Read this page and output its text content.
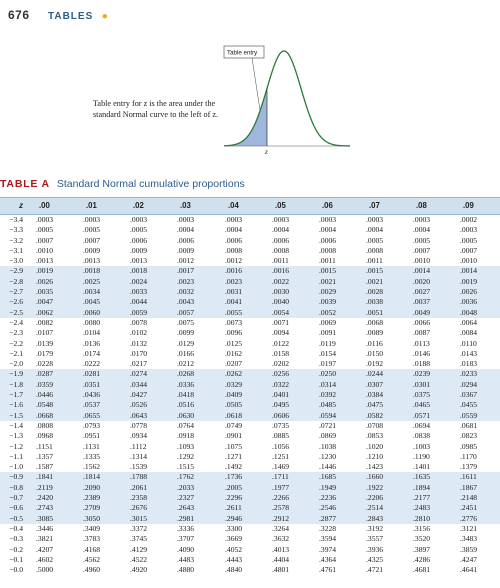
676 TABLES ●
Table entry for z is the area under the standard Normal curve to the left of z.
Table entry
z
TABLE A Standard Normal cumulative proportions
z .00	.01	.02	.03	.04	.05	.06	.07	.08	.09
−3.4 .0003	.0003	.0003	.0003	.0003	.0003	.0003	.0003	.0003	.0002
−3.3 .0005	.0005	.0005	.0004	.0004	.0004	.0004	.0004	.0004	.0003
−3.2 .0007	.0007	.0006	.0006	.0006	.0006	.0006	.0005	.0005	.0005
−3.1 .0010	.0009	.0009	.0009	.0008	.0008	.0008	.0008	.0007	.0007
−3.0 .0013	.0013	.0013	.0012	.0012	.0011	.0011	.0011	.0010	.0010
−2.9 .0019	.0018	.0018	.0017	.0016	.0016	.0015	.0015	.0014	.0014
−2.8 .0026	.0025	.0024	.0023	.0023	.0022	.0021	.0021	.0020	.0019
−2.7 .0035	.0034	.0033	.0032	.0031	.0030	.0029	.0028	.0027	.0026
−2.6 .0047	.0045	.0044	.0043	.0041	.0040	.0039	.0038	.0037	.0036
−2.5 .0062	.0060	.0059	.0057	.0055	.0054	.0052	.0051	.0049	.0048
−2.4 .0082	.0080	.0078	.0075	.0073	.0071	.0069	.0068	.0066	.0064
−2.3 .0107	.0104	.0102	.0099	.0096	.0094	.0091	.0089	.0087	.0084
−2.2 .0139	.0136	.0132	.0129	.0125	.0122	.0119	.0116	.0113	.0110
−2.1 .0179	.0174	.0170	.0166	.0162	.0158	.0154	.0150	.0146	.0143
−2.0 .0228	.0222	.0217	.0212	.0207	.0202	.0197	.0192	.0188	.0183
−1.9 .0287	.0281	.0274	.0268	.0262	.0256	.0250	.0244	.0239	.0233
−1.8 .0359	.0351	.0344	.0336	.0329	.0322	.0314	.0307	.0301	.0294
−1.7 .0446	.0436	.0427	.0418	.0409	.0401	.0392	.0384	.0375	.0367
−1.6 .0548	.0537	.0526	.0516	.0505	.0495	.0485	.0475	.0465	.0455
−1.5 .0668	.0655	.0643	.0630	.0618	.0606	.0594	.0582	.0571	.0559
−1.4 .0808	.0793	.0778	.0764	.0749	.0735	.0721	.0708	.0694	.0681
−1.3 .0968	.0951	.0934	.0918	.0901	.0885	.0869	.0853	.0838	.0823
−1.2 .1151	.1131	.1112	.1093	.1075	.1056	.1038	.1020	.1003	.0985
−1.1 .1357	.1335	.1314	.1292	.1271	.1251	.1230	.1210	.1190	.1170
−1.0 .1587	.1562	.1539	.1515	.1492	.1469	.1446	.1423	.1401	.1379
−0.9 .1841	.1814	.1788	.1762	.1736	.1711	.1685	.1660	.1635	.1611
−0.8 .2119	.2090	.2061	.2033	.2005	.1977	.1949	.1922	.1894	.1867
−0.7 .2420	.2389	.2358	.2327	.2296	.2266	.2236	.2206	.2177	.2148
−0.6 .2743	.2709	.2676	.2643	.2611	.2578	.2546	.2514	.2483	.2451
−0.5 .3085	.3050	.3015	.2981	.2946	.2912	.2877	.2843	.2810	.2776
−0.4 .3446	.3409	.3372	.3336	.3300	.3264	.3228	.3192	.3156	.3121
−0.3 .3821	.3783	.3745	.3707	.3669	.3632	.3594	.3557	.3520	.3483
−0.2 .4207	.4168	.4129	.4090	.4052	.4013	.3974	.3936	.3897	.3859
−0.1 .4602	.4562	.4522	.4483	.4443	.4404	.4364	.4325	.4286	.4247
−0.0 .5000	.4960	.4920	.4880	.4840	.4801	.4761	.4721	.4681	.4641
